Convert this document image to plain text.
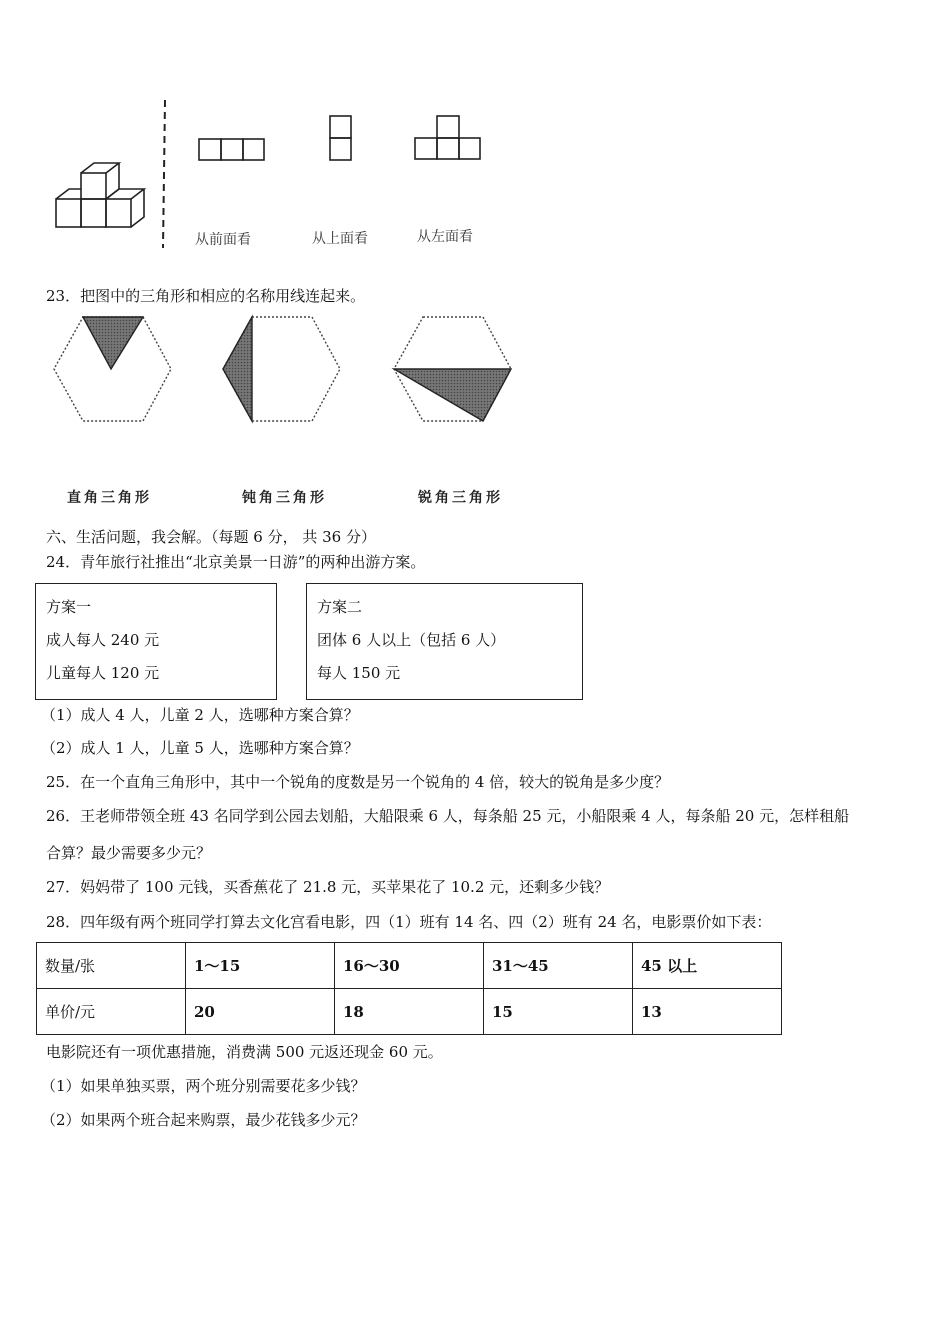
从前面看	从上面看	从左面看
23．把图中的三角形和相应的名称用线连起来。
直角三角形	钝角三角形	锐角三角形
六、生活问题，我会解。（每题 6 分， 共 36 分）
24．青年旅行社推出“北京美景一日游”的两种出游方案。
方案一
成人每人 240 元
儿童每人 120 元
方案二
团体 6 人以上（包括 6 人）
每人 150 元
（1）成人 4 人，儿童 2 人，选哪种方案合算？
（2）成人 1 人，儿童 5 人，选哪种方案合算？
25．在一个直角三角形中，其中一个锐角的度数是另一个锐角的 4 倍，较大的锐角是多少度？
26．王老师带领全班 43 名同学到公园去划船，大船限乘 6 人，每条船 25 元，小船限乘 4 人，每条船 20 元，怎样租船
合算？最少需要多少元？
27．妈妈带了 100 元钱，买香蕉花了 21.8 元，买苹果花了 10.2 元，还剩多少钱？
28．四年级有两个班同学打算去文化宫看电影，四（1）班有 14 名、四（2）班有 24 名，电影票价如下表：
数量/张	1～15	16～30	31～45	45 以上
单价/元	20	18	15	13
电影院还有一项优惠措施，消费满 500 元返还现金 60 元。
（1）如果单独买票，两个班分别需要花多少钱？
（2）如果两个班合起来购票，最少花钱多少元？
